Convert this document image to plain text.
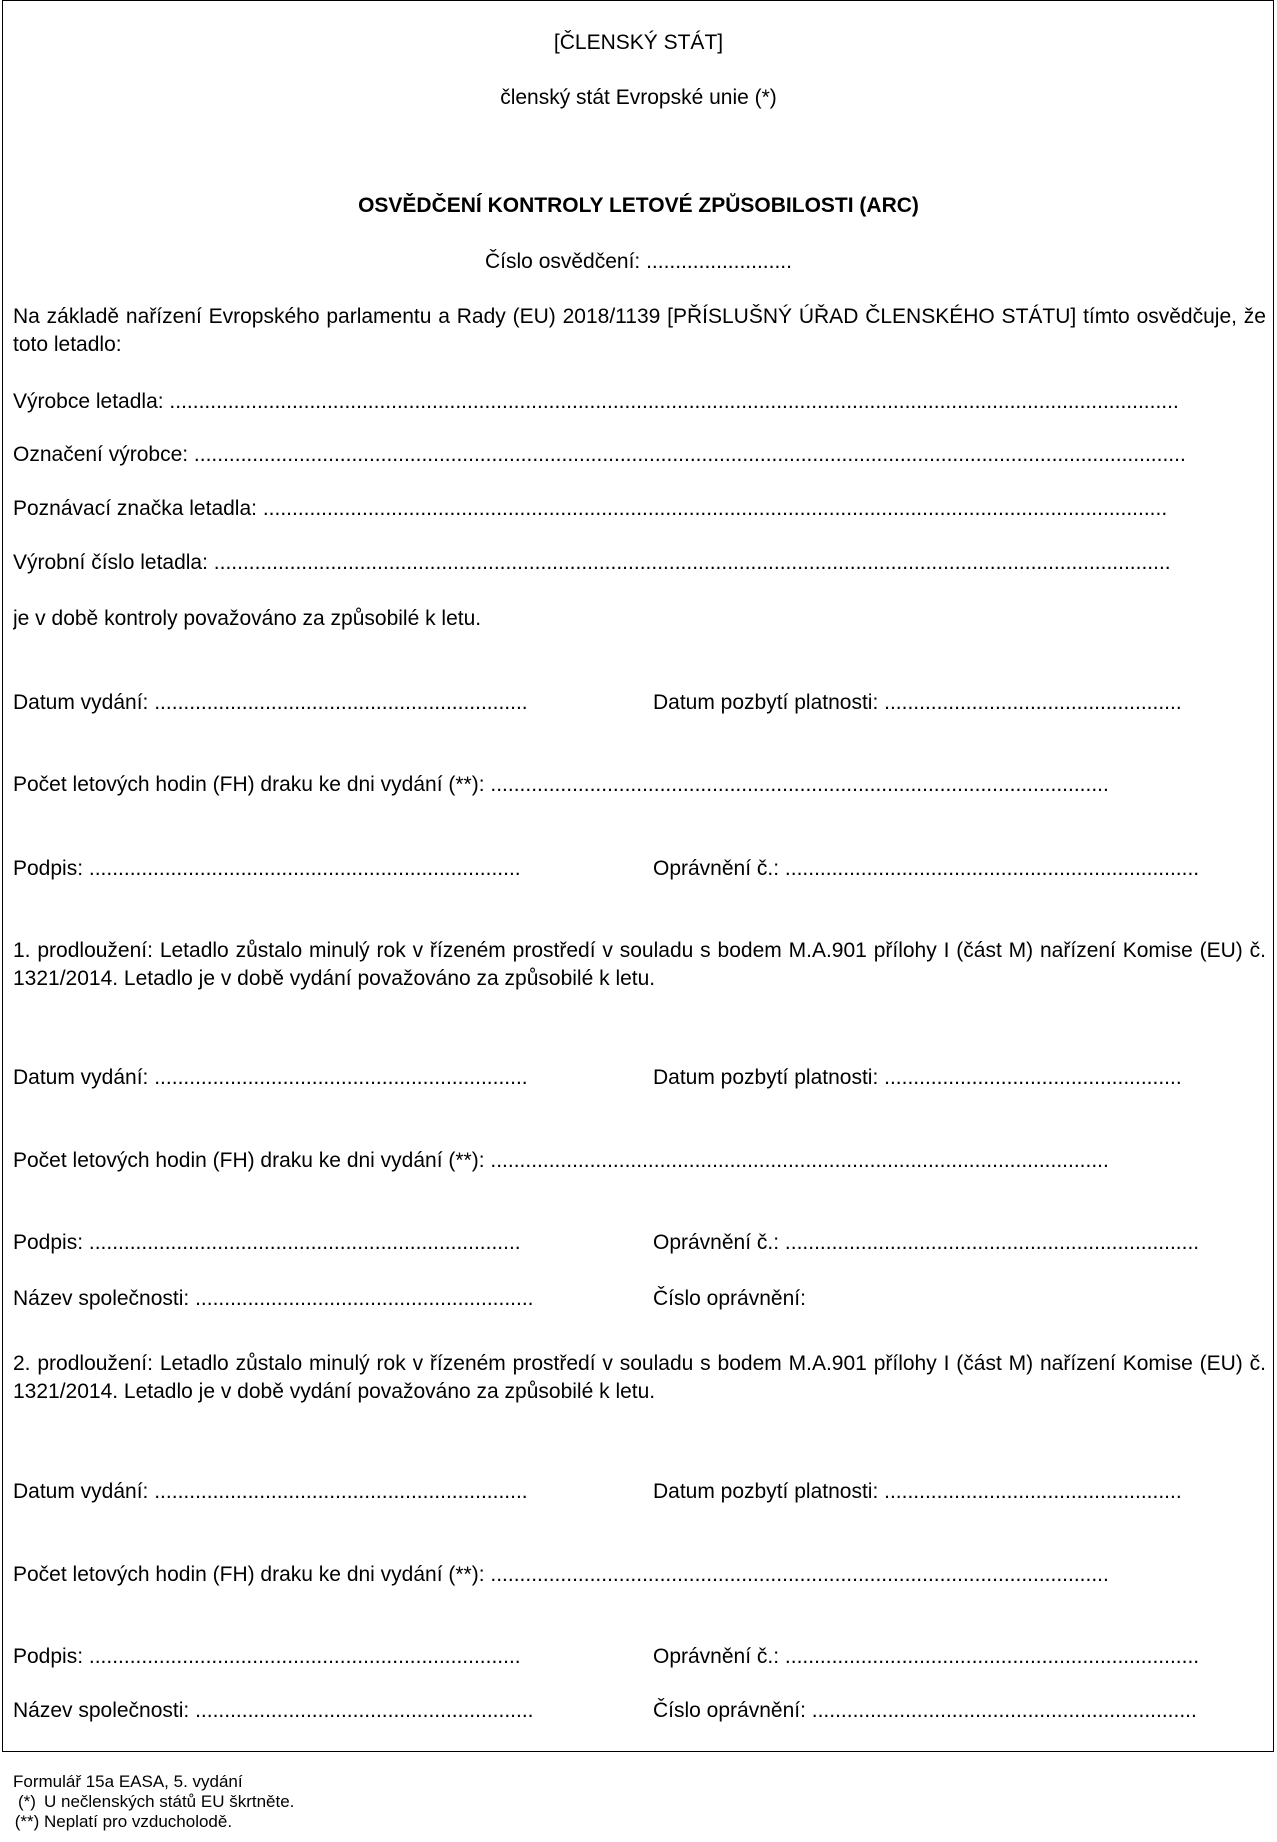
[ČLENSKÝ STÁT]
členský stát Evropské unie (*)
OSVĚDČENÍ KONTROLY LETOVÉ ZPŮSOBILOSTI (ARC)
Číslo osvědčení: .........................
Na základě nařízení Evropského parlamentu a Rady (EU) 2018/1139 [PŘÍSLUŠNÝ ÚŘAD ČLENSKÉHO STÁTU] tímto osvědčuje, že toto letadlo:
Výrobce letadla: .............................................................................................................................................................................
Označení výrobce: ..........................................................................................................................................................................
Poznávací značka letadla: ...........................................................................................................................................................
Výrobní číslo letadla: ....................................................................................................................................................................
je v době kontroly považováno za způsobilé k letu.
Datum vydání: ................................................................	Datum pozbytí platnosti: ...................................................
Počet letových hodin (FH) draku ke dni vydání (**): ..........................................................................................................
Podpis: ..........................................................................	Oprávnění č.: .......................................................................
1. prodloužení: Letadlo zůstalo minulý rok v řízeném prostředí v souladu s bodem M.A.901 přílohy I (část M) nařízení Komise (EU) č. 1321/2014. Letadlo je v době vydání považováno za způsobilé k letu.
Datum vydání: ................................................................	Datum pozbytí platnosti: ...................................................
Počet letových hodin (FH) draku ke dni vydání (**): ..........................................................................................................
Podpis: ..........................................................................	Oprávnění č.: .......................................................................
Název společnosti: ..........................................................	Číslo oprávnění:
2. prodloužení: Letadlo zůstalo minulý rok v řízeném prostředí v souladu s bodem M.A.901 přílohy I (část M) nařízení Komise (EU) č. 1321/2014. Letadlo je v době vydání považováno za způsobilé k letu.
Datum vydání: ................................................................	Datum pozbytí platnosti: ...................................................
Počet letových hodin (FH) draku ke dni vydání (**): ..........................................................................................................
Podpis: ..........................................................................	Oprávnění č.: .......................................................................
Název společnosti: ..........................................................	Číslo oprávnění: ..................................................................
Formulář 15a EASA, 5. vydání
(*) U nečlenských států EU škrtněte.
(**) Neplatí pro vzducholodě.
